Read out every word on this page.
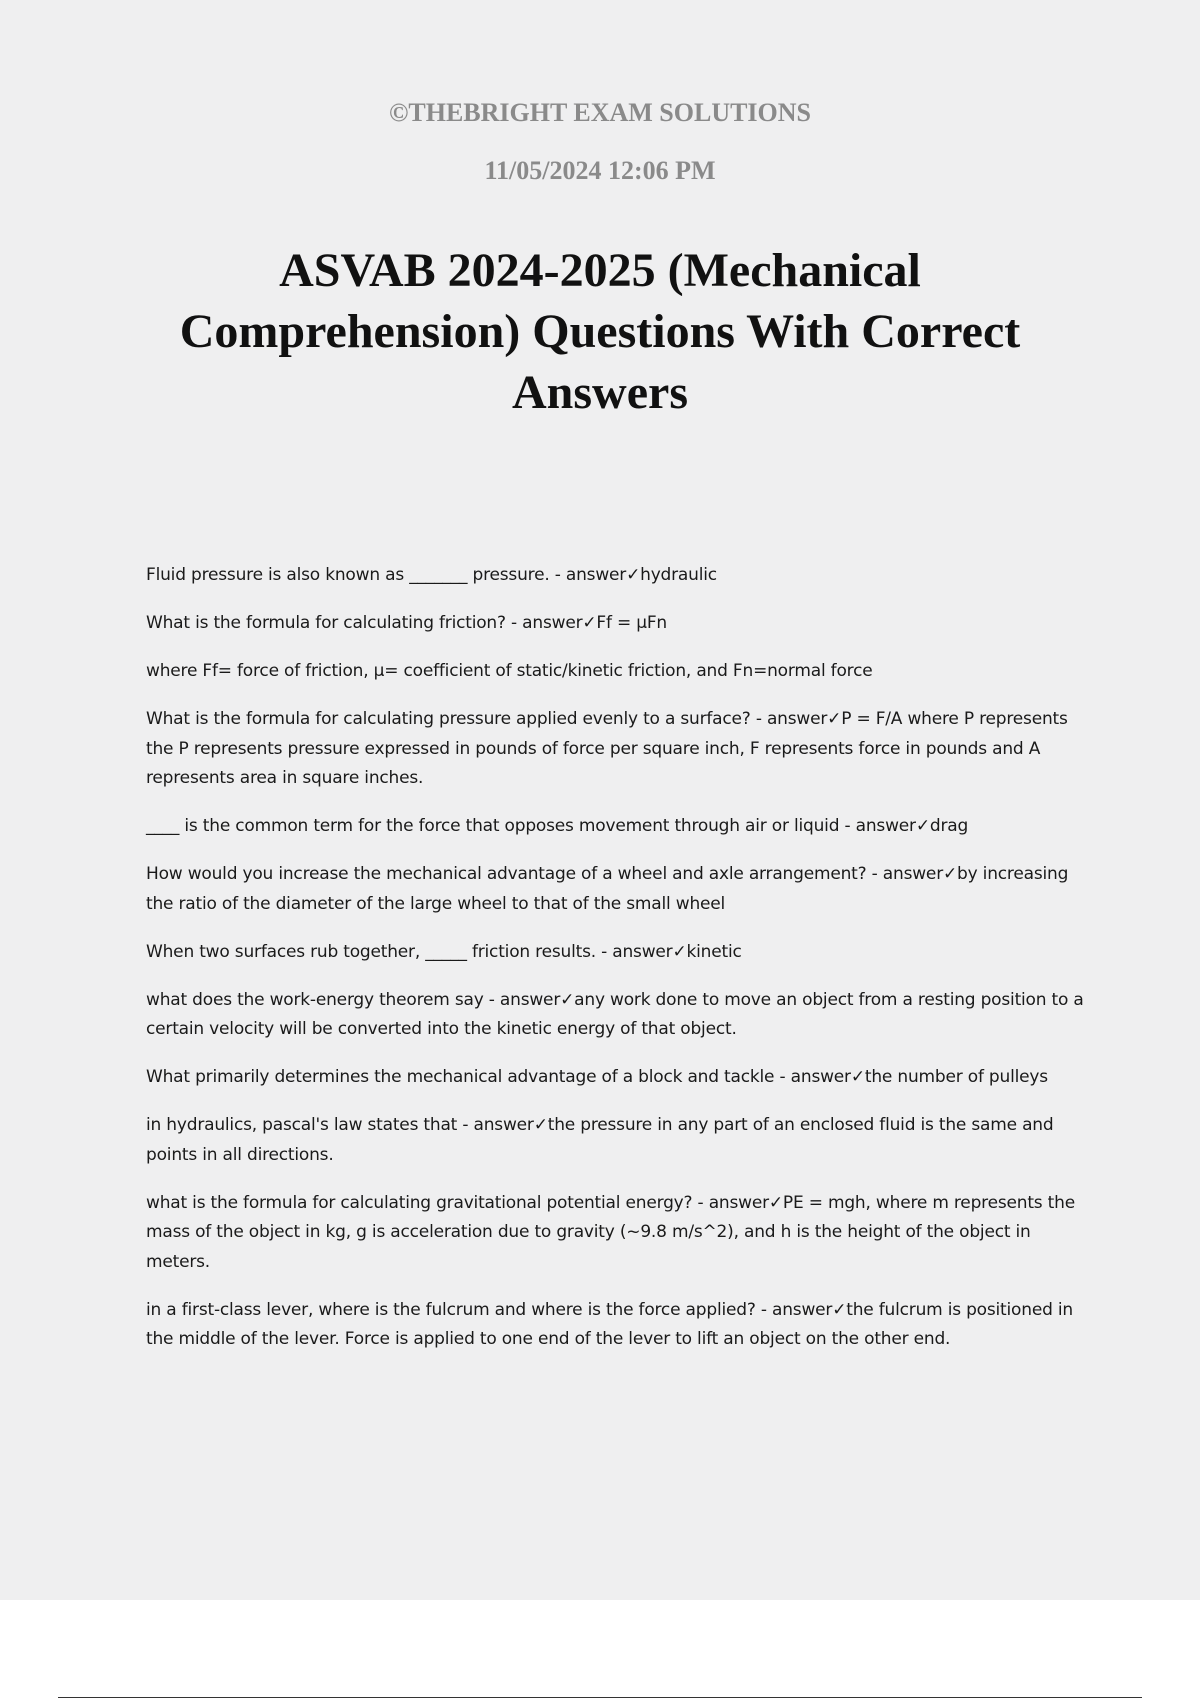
©THEBRIGHT EXAM SOLUTIONS
11/05/2024 12:06 PM
ASVAB 2024-2025 (Mechanical Comprehension) Questions With Correct Answers

Fluid pressure is also known as _______ pressure. - answer✓hydraulic

What is the formula for calculating friction? - answer✓Ff = μFn

where Ff= force of friction, μ= coefficient of static/kinetic friction, and Fn=normal force

What is the formula for calculating pressure applied evenly to a surface? - answer✓P = F/A where P represents the P represents pressure expressed in pounds of force per square inch, F represents force in pounds and A represents area in square inches.

____ is the common term for the force that opposes movement through air or liquid - answer✓drag

How would you increase the mechanical advantage of a wheel and axle arrangement? - answer✓by increasing the ratio of the diameter of the large wheel to that of the small wheel

When two surfaces rub together, _____ friction results. - answer✓kinetic

what does the work-energy theorem say - answer✓any work done to move an object from a resting position to a certain velocity will be converted into the kinetic energy of that object.

What primarily determines the mechanical advantage of a block and tackle - answer✓the number of pulleys

in hydraulics, pascal's law states that - answer✓the pressure in any part of an enclosed fluid is the same and points in all directions.

what is the formula for calculating gravitational potential energy? - answer✓PE = mgh, where m represents the mass of the object in kg, g is acceleration due to gravity (~9.8 m/s^2), and h is the height of the object in meters.

in a first-class lever, where is the fulcrum and where is the force applied? - answer✓the fulcrum is positioned in the middle of the lever. Force is applied to one end of the lever to lift an object on the other end.
